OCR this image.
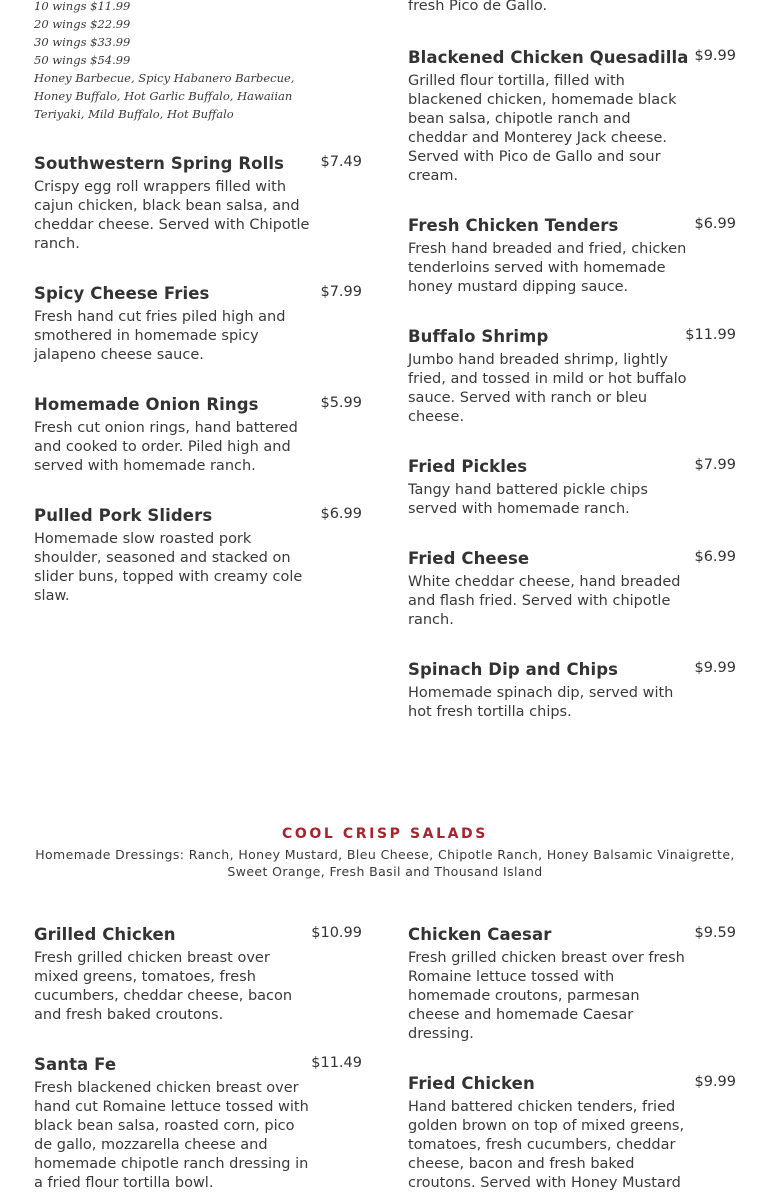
10 wings $11.99
20 wings $22.99
30 wings $33.99
50 wings $54.99
Honey Barbecue, Spicy Habanero Barbecue, Honey Buffalo, Hot Garlic Buffalo, Hawaiian Teriyaki, Mild Buffalo, Hot Buffalo
fresh Pico de Gallo.
Southwestern Spring Rolls	$7.49
Crispy egg roll wrappers filled with cajun chicken, black bean salsa, and cheddar cheese. Served with Chipotle ranch.
Spicy Cheese Fries	$7.99
Fresh hand cut fries piled high and smothered in homemade spicy jalapeno cheese sauce.
Homemade Onion Rings	$5.99
Fresh cut onion rings, hand battered and cooked to order. Piled high and served with homemade ranch.
Pulled Pork Sliders	$6.99
Homemade slow roasted pork shoulder, seasoned and stacked on slider buns, topped with creamy cole slaw.
Blackened Chicken Quesadilla $9.99
Grilled flour tortilla, filled with blackened chicken, homemade black bean salsa, chipotle ranch and cheddar and Monterey Jack cheese. Served with Pico de Gallo and sour cream.
Fresh Chicken Tenders	$6.99
Fresh hand breaded and fried, chicken tenderloins served with homemade honey mustard dipping sauce.
Buffalo Shrimp	$11.99
Jumbo hand breaded shrimp, lightly fried, and tossed in mild or hot buffalo sauce. Served with ranch or bleu cheese.
Fried Pickles	$7.99
Tangy hand battered pickle chips served with homemade ranch.
Fried Cheese	$6.99
White cheddar cheese, hand breaded and flash fried. Served with chipotle ranch.
Spinach Dip and Chips	$9.99
Homemade spinach dip, served with hot fresh tortilla chips.
COOL CRISP SALADS
Homemade Dressings: Ranch, Honey Mustard, Bleu Cheese, Chipotle Ranch, Honey Balsamic Vinaigrette, Sweet Orange, Fresh Basil and Thousand Island
Grilled Chicken	$10.99
Fresh grilled chicken breast over mixed greens, tomatoes, fresh cucumbers, cheddar cheese, bacon and fresh baked croutons.
Santa Fe	$11.49
Fresh blackened chicken breast over hand cut Romaine lettuce tossed with black bean salsa, roasted corn, pico de gallo, mozzarella cheese and homemade chipotle ranch dressing in a fried flour tortilla bowl.
Chicken Caesar	$9.59
Fresh grilled chicken breast over fresh Romaine lettuce tossed with homemade croutons, parmesan cheese and homemade Caesar dressing.
Fried Chicken	$9.99
Hand battered chicken tenders, fried golden brown on top of mixed greens, tomatoes, fresh cucumbers, cheddar cheese, bacon and fresh baked croutons. Served with Honey Mustard
